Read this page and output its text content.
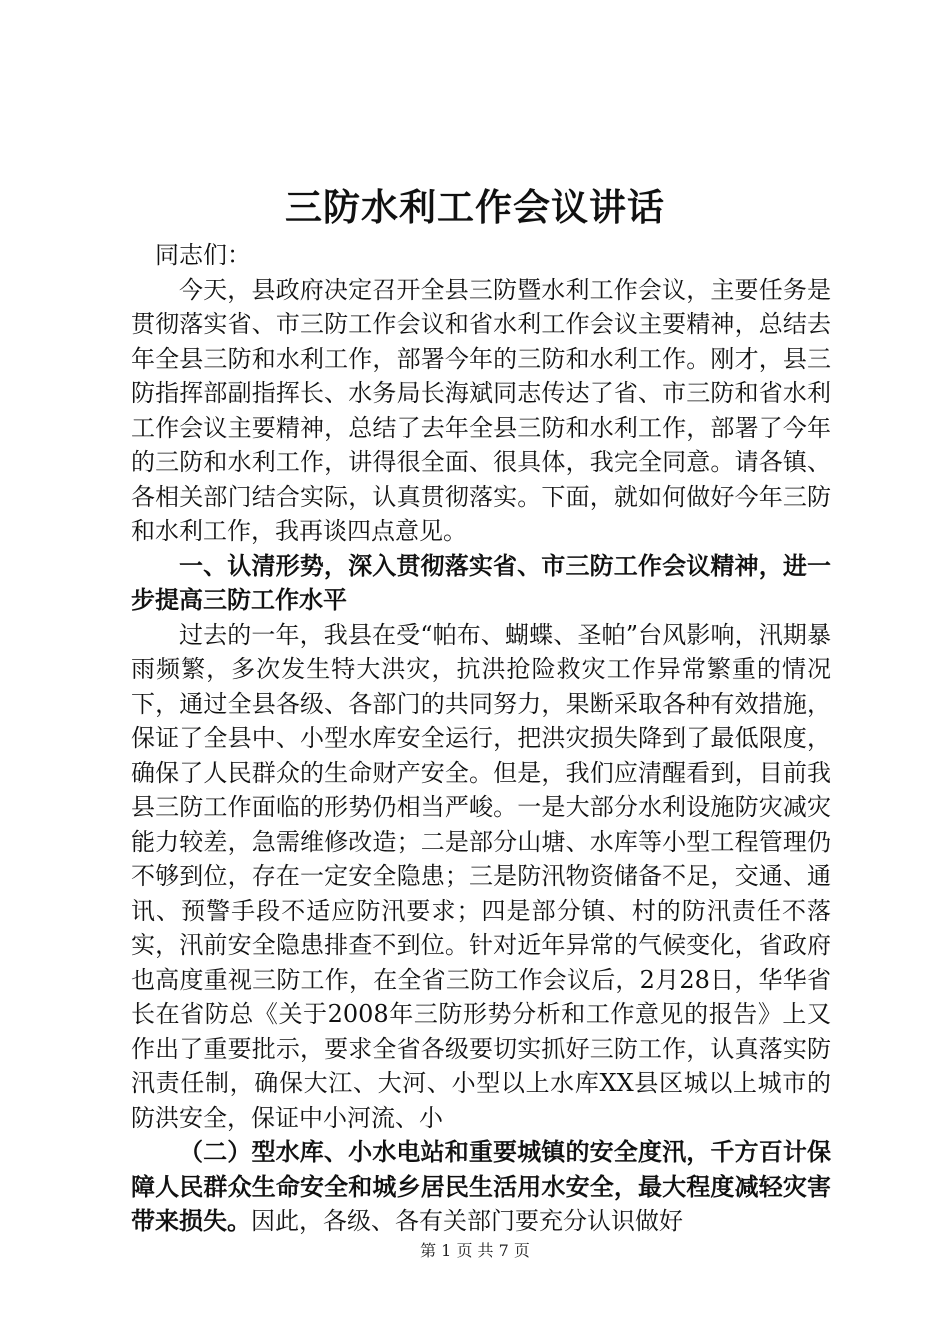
三防水利工作会议讲话

同志们：

今天，县政府决定召开全县三防暨水利工作会议，主要任务是贯彻落实省、市三防工作会议和省水利工作会议主要精神，总结去年全县三防和水利工作，部署今年的三防和水利工作。刚才，县三防指挥部副指挥长、水务局长海斌同志传达了省、市三防和省水利工作会议主要精神，总结了去年全县三防和水利工作，部署了今年的三防和水利工作，讲得很全面、很具体，我完全同意。请各镇、各相关部门结合实际，认真贯彻落实。下面，就如何做好今年三防和水利工作，我再谈四点意见。

一、认清形势，深入贯彻落实省、市三防工作会议精神，进一步提高三防工作水平

过去的一年，我县在受“帕布、蝴蝶、圣帕”台风影响，汛期暴雨频繁，多次发生特大洪灾，抗洪抢险救灾工作异常繁重的情况下，通过全县各级、各部门的共同努力，果断采取各种有效措施，保证了全县中、小型水库安全运行，把洪灾损失降到了最低限度，确保了人民群众的生命财产安全。但是，我们应清醒看到，目前我县三防工作面临的形势仍相当严峻。一是大部分水利设施防灾减灾能力较差，急需维修改造；二是部分山塘、水库等小型工程管理仍不够到位，存在一定安全隐患；三是防汛物资储备不足，交通、通讯、预警手段不适应防汛要求；四是部分镇、村的防汛责任不落实，汛前安全隐患排查不到位。针对近年异常的气候变化，省政府也高度重视三防工作，在全省三防工作会议后，2月28日，华华省长在省防总《关于2008年三防形势分析和工作意见的报告》上又作出了重要批示，要求全省各级要切实抓好三防工作，认真落实防汛责任制，确保大江、大河、小型以上水库XX县区城以上城市的防洪安全，保证中小河流、小

（二）型水库、小水电站和重要城镇的安全度汛，千方百计保障人民群众生命安全和城乡居民生活用水安全，最大程度减轻灾害带来损失。因此，各级、各有关部门要充分认识做好

第 1 页 共 7 页
